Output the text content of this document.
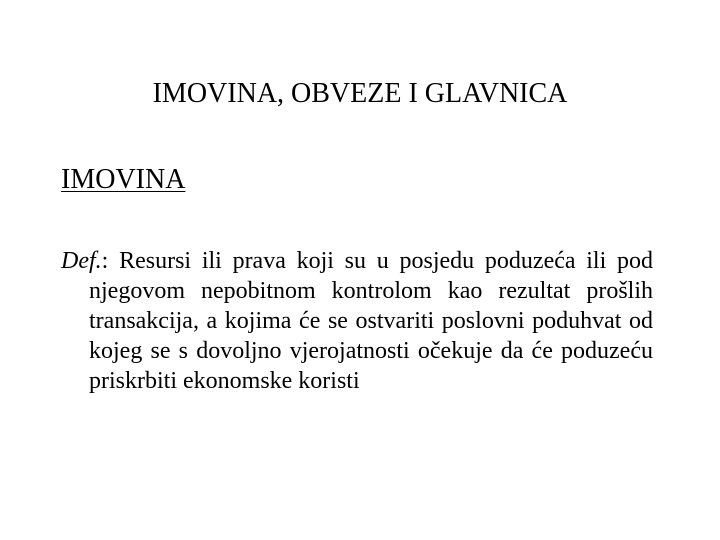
IMOVINA, OBVEZE I GLAVNICA
IMOVINA
Def.: Resursi ili prava koji su u posjedu poduzeća ili pod njegovom nepobitnom kontrolom kao rezultat prošlih transakcija, a kojima će se ostvariti poslovni poduhvat od kojeg se s dovoljno vjerojatnosti očekuje da će poduzeću priskrbiti ekonomske koristi
